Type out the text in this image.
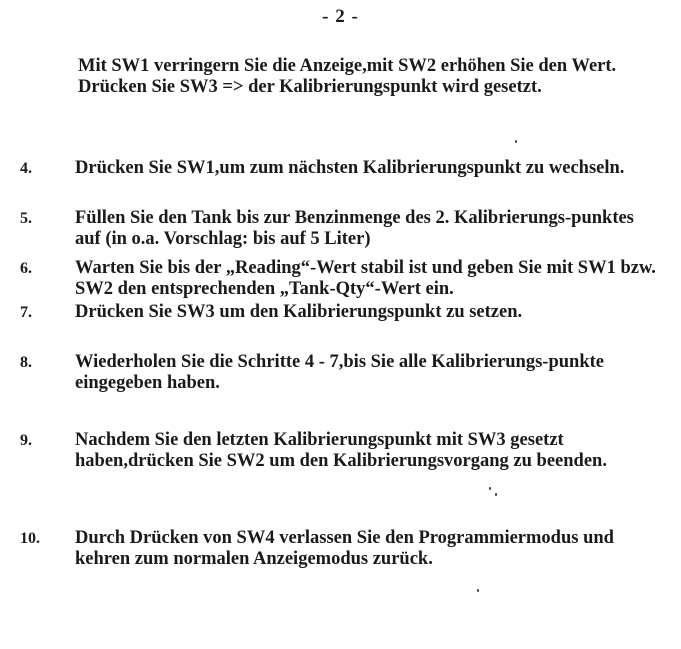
- 2 -

Mit SW1 verringern Sie die Anzeige,mit SW2 erhöhen Sie den Wert.

Drücken Sie SW3 => der Kalibrierungspunkt wird gesetzt.

4. Drücken Sie SW1,um zum nächsten Kalibrierungspunkt zu wechseln.
5. Füllen Sie den Tank bis zur Benzinmenge des 2. Kalibrierungs-punktes auf (in o.a. Vorschlag: bis auf 5 Liter)
6. Warten Sie bis der „Reading“-Wert stabil ist und geben Sie mit SW1 bzw. SW2 den entsprechenden „Tank-Qty“-Wert ein.
7. Drücken Sie SW3 um den Kalibrierungspunkt zu setzen.
8. Wiederholen Sie die Schritte 4 - 7,bis Sie alle Kalibrierungs-punkte eingegeben haben.
9. Nachdem Sie den letzten Kalibrierungspunkt mit SW3 gesetzt haben,drücken Sie SW2 um den Kalibrierungsvorgang zu beenden.
10. Durch Drücken von SW4 verlassen Sie den Programmiermodus und kehren zum normalen Anzeigemodus zurück.
